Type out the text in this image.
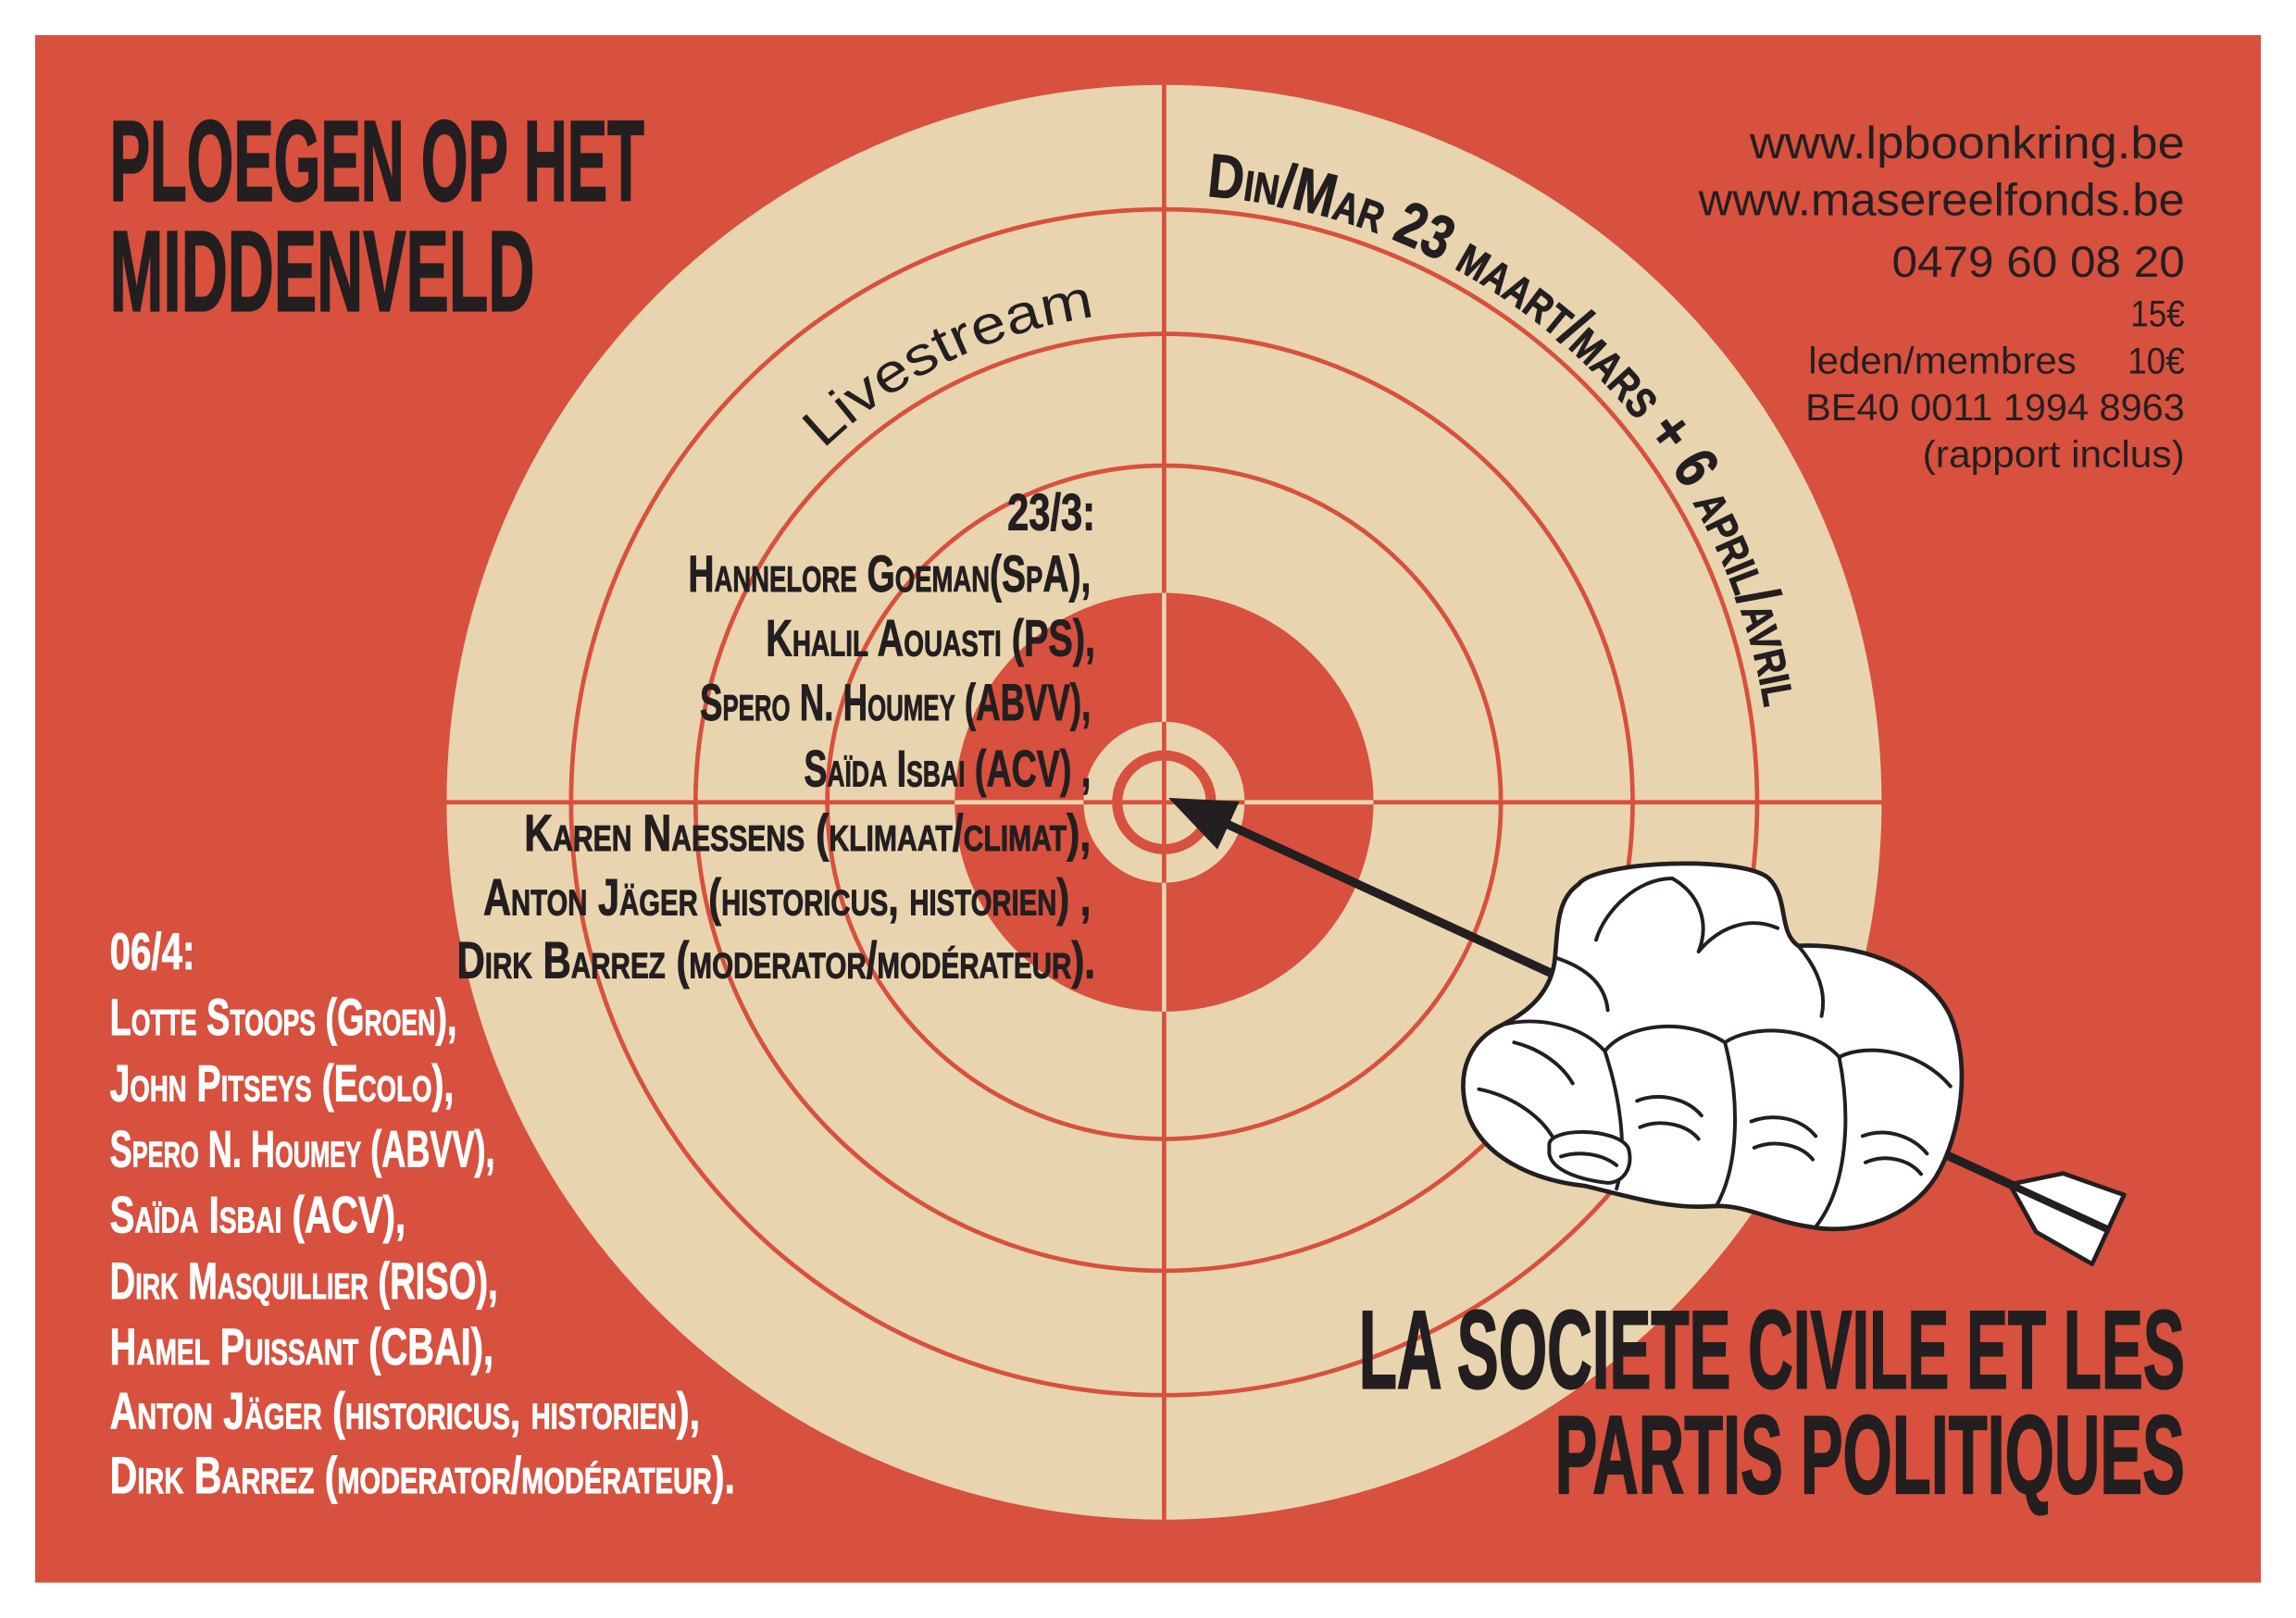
PLOEGEN OP HET
MIDDENVELD
LA SOCIETE CIVILE ET LES
PARTIS POLITIQUES
Din/Mar 23 maart/mars + 6 april/avril
Livestream
www.lpboonkring.be
www.masereelfonds.be
0479 60 08 20
15€
leden/membres 10€
BE40 0011 1994 8963
(rapport inclus)
23/3:
Hannelore Goeman(SpA),
Khalil Aouasti (PS),
Spero N. Houmey (ABVV),
Saïda Isbai (ACV) ,
Karen Naessens (klimaat/climat),
Anton Jäger (historicus, historien) ,
Dirk Barrez (moderator/modérateur).
06/4:
Lotte Stoops (Groen),
John Pitseys (Ecolo),
Spero N. Houmey (ABVV),
Saïda Isbai (ACV),
Dirk Masquillier (RISO),
Hamel Puissant (CBAI),
Anton Jäger (historicus, historien),
Dirk Barrez (moderator/modérateur).
